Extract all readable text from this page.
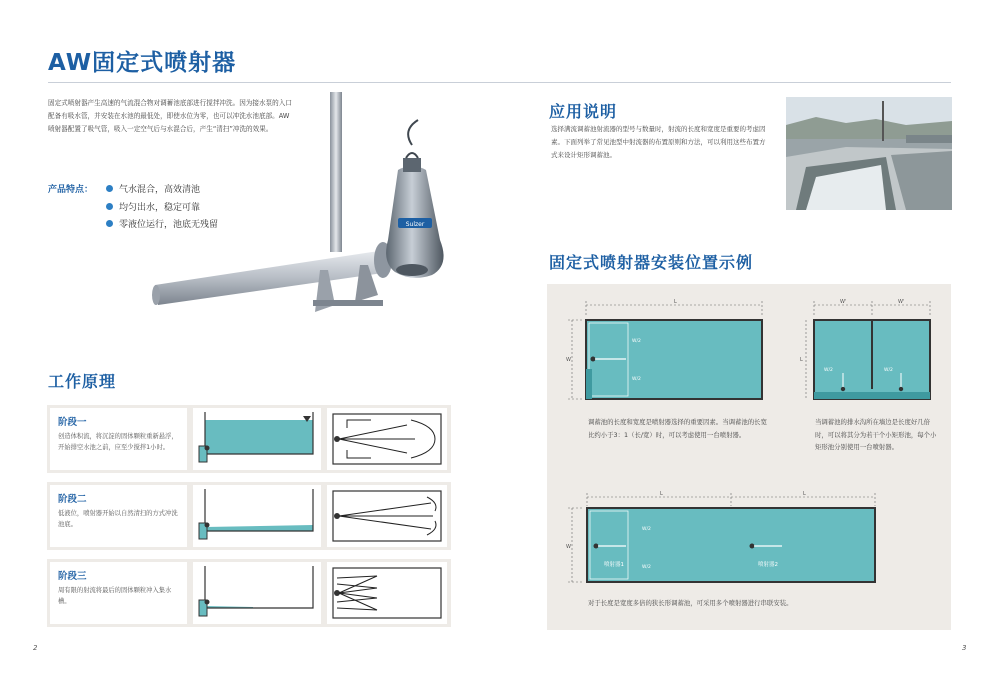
AW固定式喷射器
固定式喷射器产生高速的气流混合物对调蓄池底部进行搅拌冲洗。因为接水泵的入口配备有吸水管，并安装在水池的最低处，即使水位为零，也可以冲洗水池底部。AW喷射器配置了吸气管，吸入一定空气后与水混合后，产生“清扫”冲洗的效果。
产品特点：	气水混合，高效清池
均匀出水，稳定可靠
零液位运行，池底无残留	Sulzer
工作原理
阶段一
创造体积流，将沉淀的固体颗粒重新悬浮，开始排空水池之前，应至少搅拌1小时。
阶段二
低液位，喷射器开始以自然清扫的方式冲洗池底。
阶段三
周有限的射流将最后的固体颗粒冲入集水槽。
2
应用说明
选择满流调蓄池射流器的型号与数量时，射流的长度和宽度是重要的考虑因素。下面列举了常见池型中射流器的布置原则和方法，可以利用这些布置方式来设计矩形调蓄池。
固定式喷射器安装位置示例
L
W
W/2
W/2
W'	W'
L
W/2	W/2
调蓄池的长度和宽度是喷射器选择的重要因素。当调蓄池的长宽比约小于3：1（长/宽）时，可以考虑使用一台喷射器。
当调蓄池的排水沟所在墙边是长度好几倍时，可以将其分为若干个小矩形池，每个小矩形池分别使用一台喷射器。
L	L
W
W/2
W/2
喷射器1	喷射器2
对于长度是宽度多倍的狭长形调蓄池，可采用多个喷射器进行串联安装。
3
